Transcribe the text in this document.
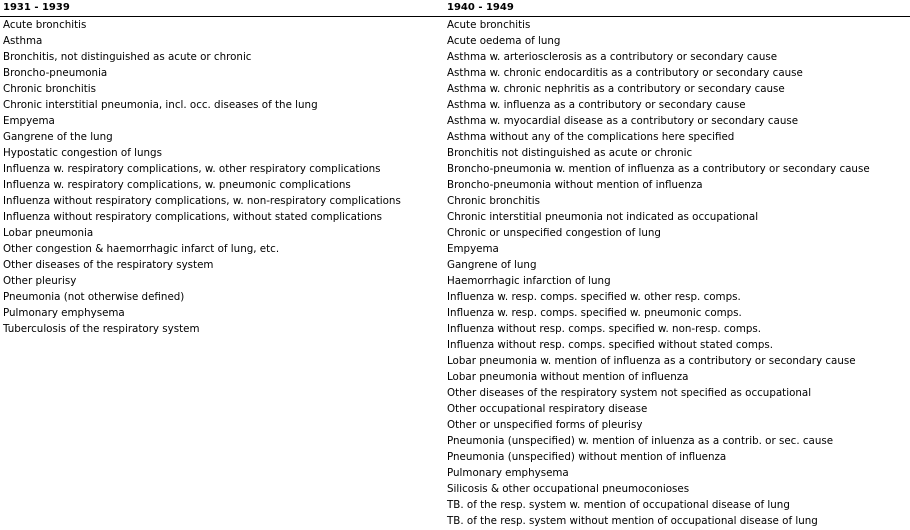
1931 - 1939
Acute bronchitis
Asthma
Bronchitis, not distinguished as acute or chronic
Broncho-pneumonia
Chronic bronchitis
Chronic interstitial pneumonia, incl. occ. diseases of the lung
Empyema
Gangrene of the lung
Hypostatic congestion of lungs
Influenza w. respiratory complications, w. other respiratory complications
Influenza w. respiratory complications, w. pneumonic complications
Influenza without respiratory complications, w. non-respiratory complications
Influenza without respiratory complications, without stated complications
Lobar pneumonia
Other congestion & haemorrhagic infarct of lung, etc.
Other diseases of the respiratory system
Other pleurisy
Pneumonia (not otherwise defined)
Pulmonary emphysema
Tuberculosis of the respiratory system
1940 - 1949
Acute bronchitis
Acute oedema of lung
Asthma w. arteriosclerosis as a contributory or secondary cause
Asthma w. chronic endocarditis as a contributory or secondary cause
Asthma w. chronic nephritis as a contributory or secondary cause
Asthma w. influenza as a contributory or secondary cause
Asthma w. myocardial disease as a contributory or secondary cause
Asthma without any of the complications here specified
Bronchitis not distinguished as acute or chronic
Broncho-pneumonia w. mention of influenza as a contributory or secondary cause
Broncho-pneumonia without mention of influenza
Chronic bronchitis
Chronic interstitial pneumonia not indicated as occupational
Chronic or unspecified congestion of lung
Empyema
Gangrene of lung
Haemorrhagic infarction of lung
Influenza w. resp. comps. specified w. other resp. comps.
Influenza w. resp. comps. specified w. pneumonic comps.
Influenza without resp. comps. specified w. non-resp. comps.
Influenza without resp. comps. specified without stated comps.
Lobar pneumonia w. mention of influenza as a contributory or secondary cause
Lobar pneumonia without mention of influenza
Other diseases of the respiratory system not specified as occupational
Other occupational respiratory disease
Other or unspecified forms of pleurisy
Pneumonia (unspecified) w. mention of inluenza as a contrib. or sec. cause
Pneumonia (unspecified) without mention of influenza
Pulmonary emphysema
Silicosis & other occupational pneumoconioses
TB. of the resp. system w. mention of occupational disease of lung
TB. of the resp. system without mention of occupational disease of lung
